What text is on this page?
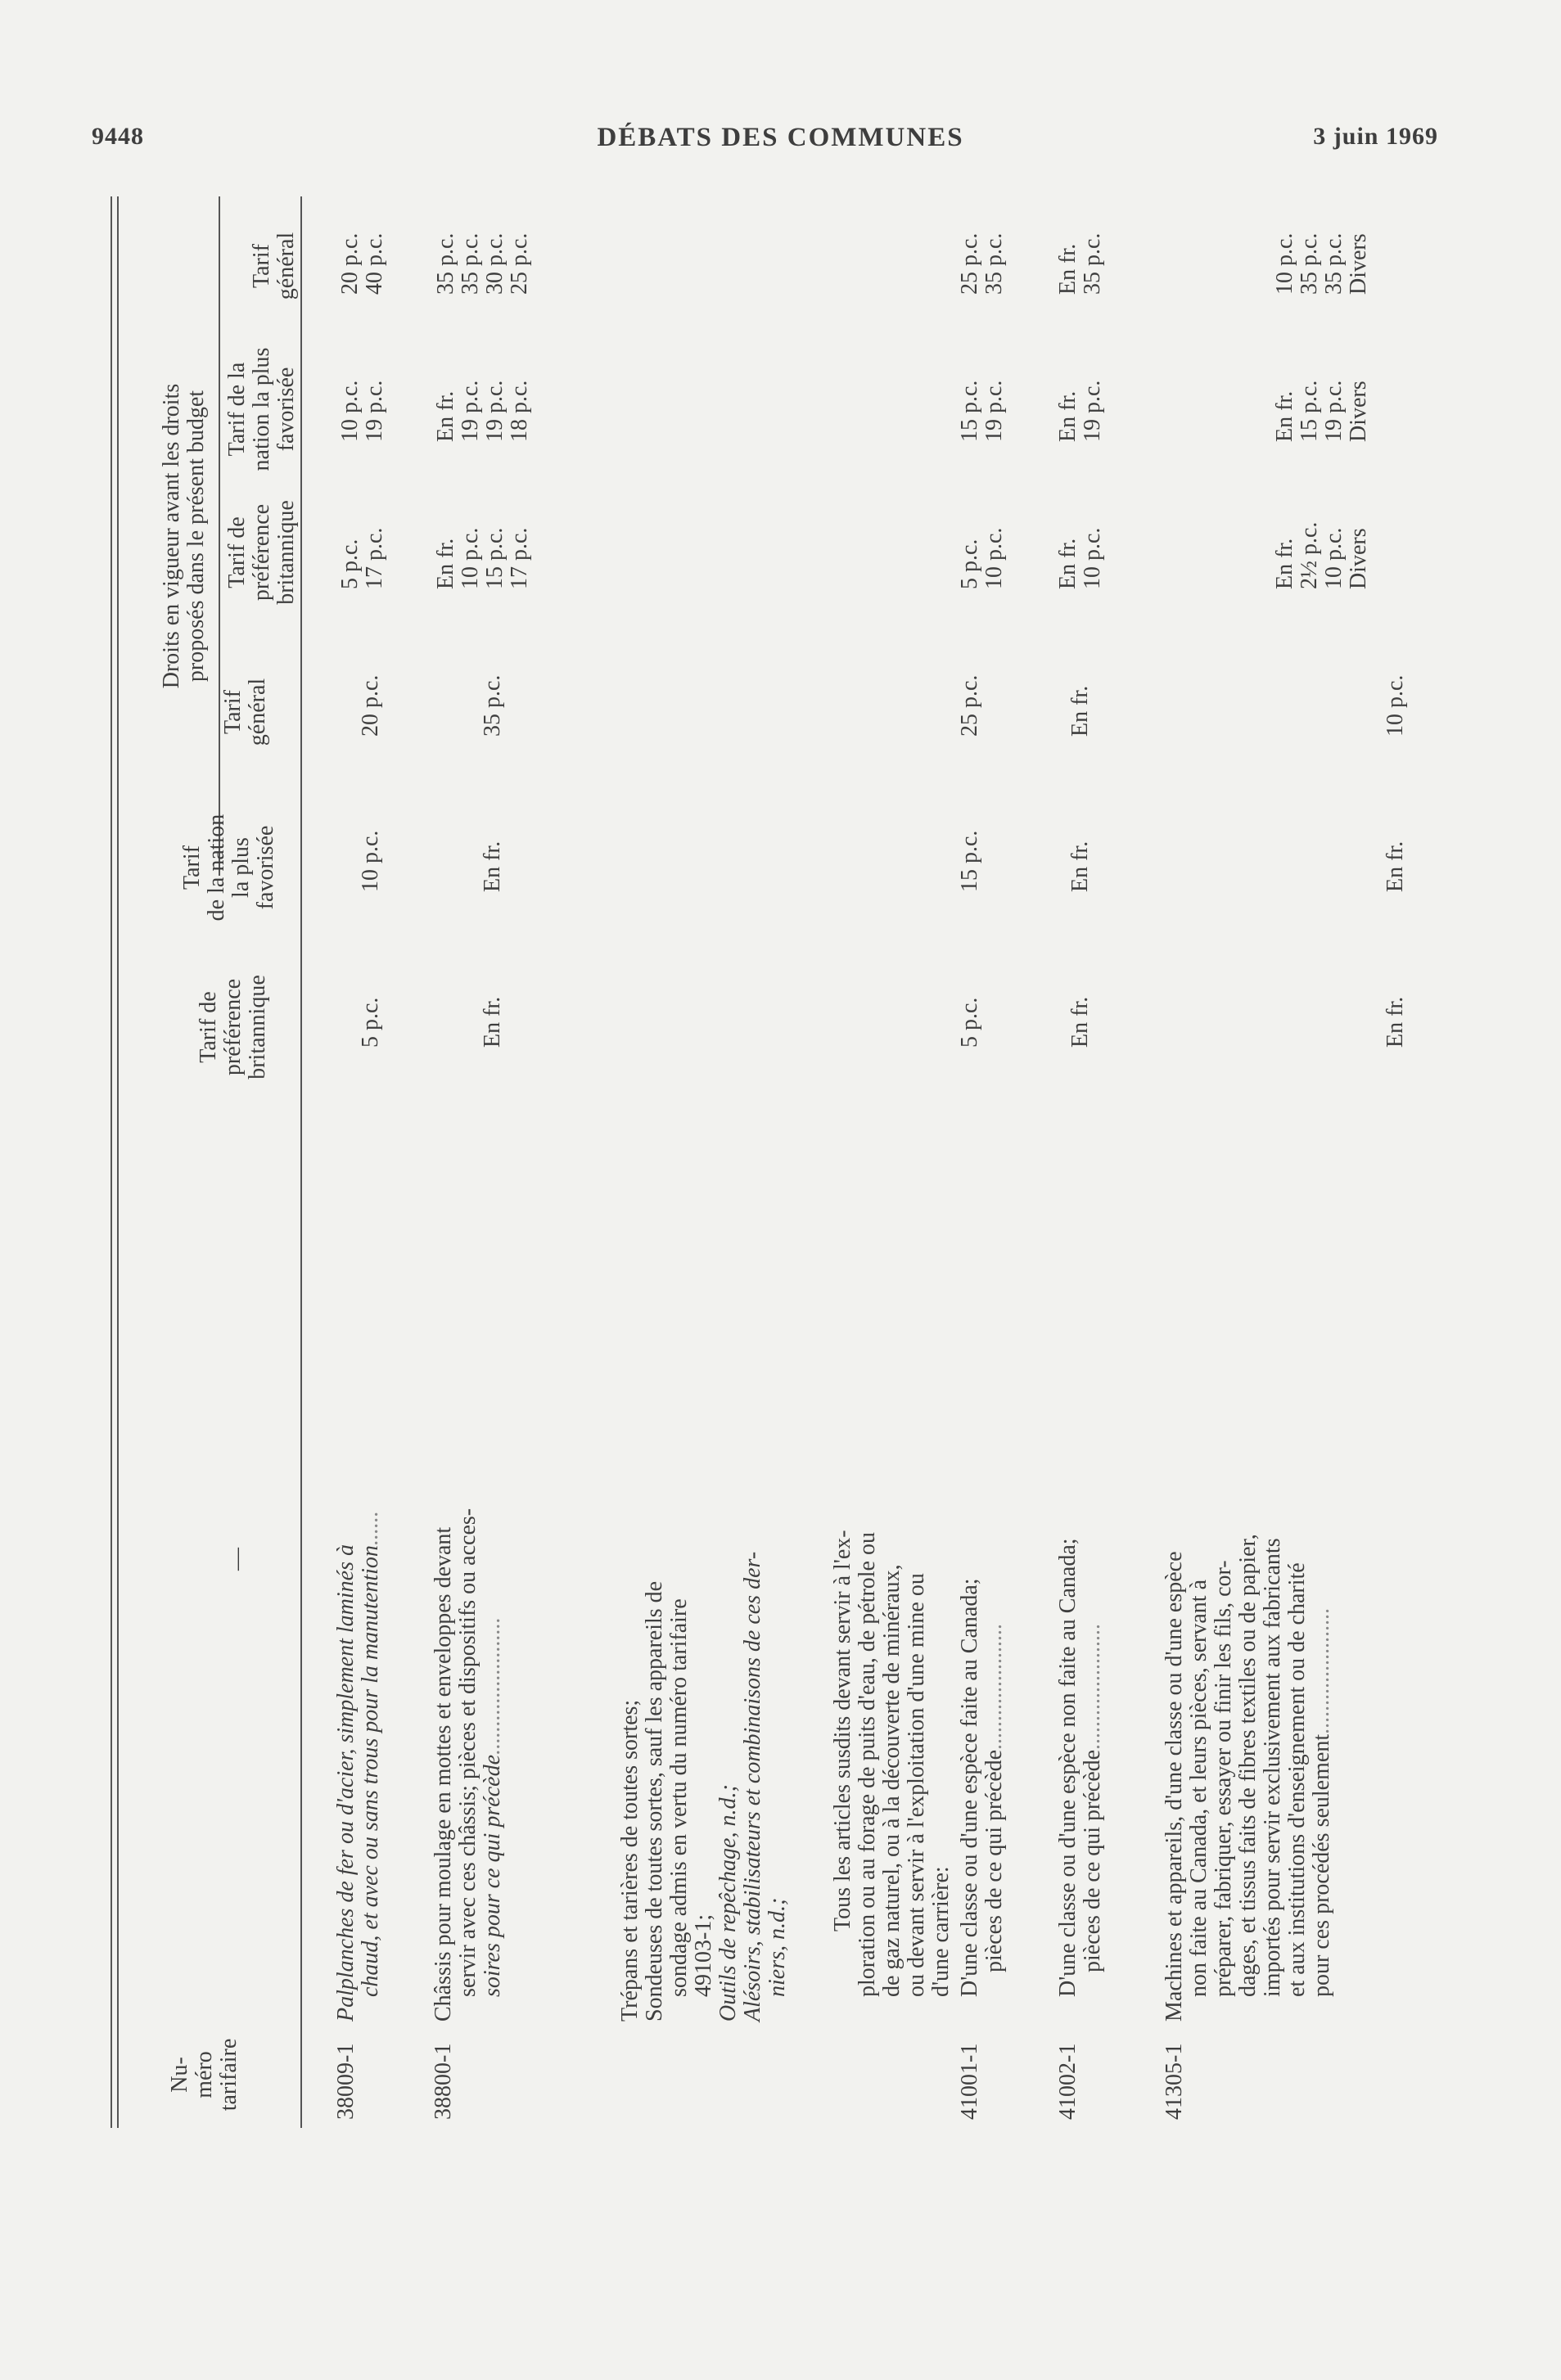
9448	DÉBATS DES COMMUNES	3 juin 1969
Nu- méro tarifaire
—
Tarif de préférence britannique
Tarif de la nation la plus favorisée
Tarif général
Droits en vigueur avant les droits proposés dans le présent budget Tarif de préférence britannique
Tarif de la nation la plus favorisée
Tarif général
38009-1
Palplanches de fer ou d'acier, simplement laminés à chaud, et avec ou sans trous pour la manutention......
5 p.c.
10 p.c.
20 p.c.
5 p.c. 17 p.c.
10 p.c. 19 p.c.
20 p.c. 40 p.c.
38800-1
Châssis pour moulage en mottes et enveloppes devant servir avec ces châssis; pièces et dispositifs ou acces- soires pour ce qui précède........................
En fr.
En fr.
35 p.c.
En fr. 10 p.c. 15 p.c. 17 p.c.
En fr. 19 p.c. 19 p.c. 18 p.c.
35 p.c. 35 p.c. 30 p.c. 25 p.c.
Trépans et tarières de toutes sortes; Sondeuses de toutes sortes, sauf les appareils de sondage admis en vertu du numéro tarifaire 49103-1; Outils de repêchage, n.d.; Alésoirs, stabilisateurs et combinaisons de ces der- niers, n.d.;
Tous les articles susdits devant servir à l'ex- ploration ou au forage de puits d'eau, de pétrole ou de gaz naturel, ou à la découverte de minéraux, ou devant servir à l'exploitation d'une mine ou d'une carrière:
41001-1
D'une classe ou d'une espèce faite au Canada; pièces de ce qui précède......................
5 p.c.
15 p.c.
25 p.c.
5 p.c. 10 p.c.
15 p.c. 19 p.c.
25 p.c. 35 p.c.
41002-1
D'une classe ou d'une espèce non faite au Canada; pièces de ce qui précède......................
En fr.
En fr.
En fr.
En fr. 10 p.c.
En fr. 19 p.c.
En fr. 35 p.c.
41305-1
Machines et appareils, d'une classe ou d'une espèce non faite au Canada, et leurs pièces, servant à préparer, fabriquer, essayer ou finir les fils, cor- dages, et tissus faits de fibres textiles ou de papier, importés pour servir exclusivement aux fabricants et aux institutions d'enseignement ou de charité pour ces procédés seulement......................
En fr.
En fr.
10 p.c.
En fr. 2½ p.c. 10 p.c. Divers
En fr. 15 p.c. 19 p.c. Divers
10 p.c. 35 p.c. 35 p.c. Divers
